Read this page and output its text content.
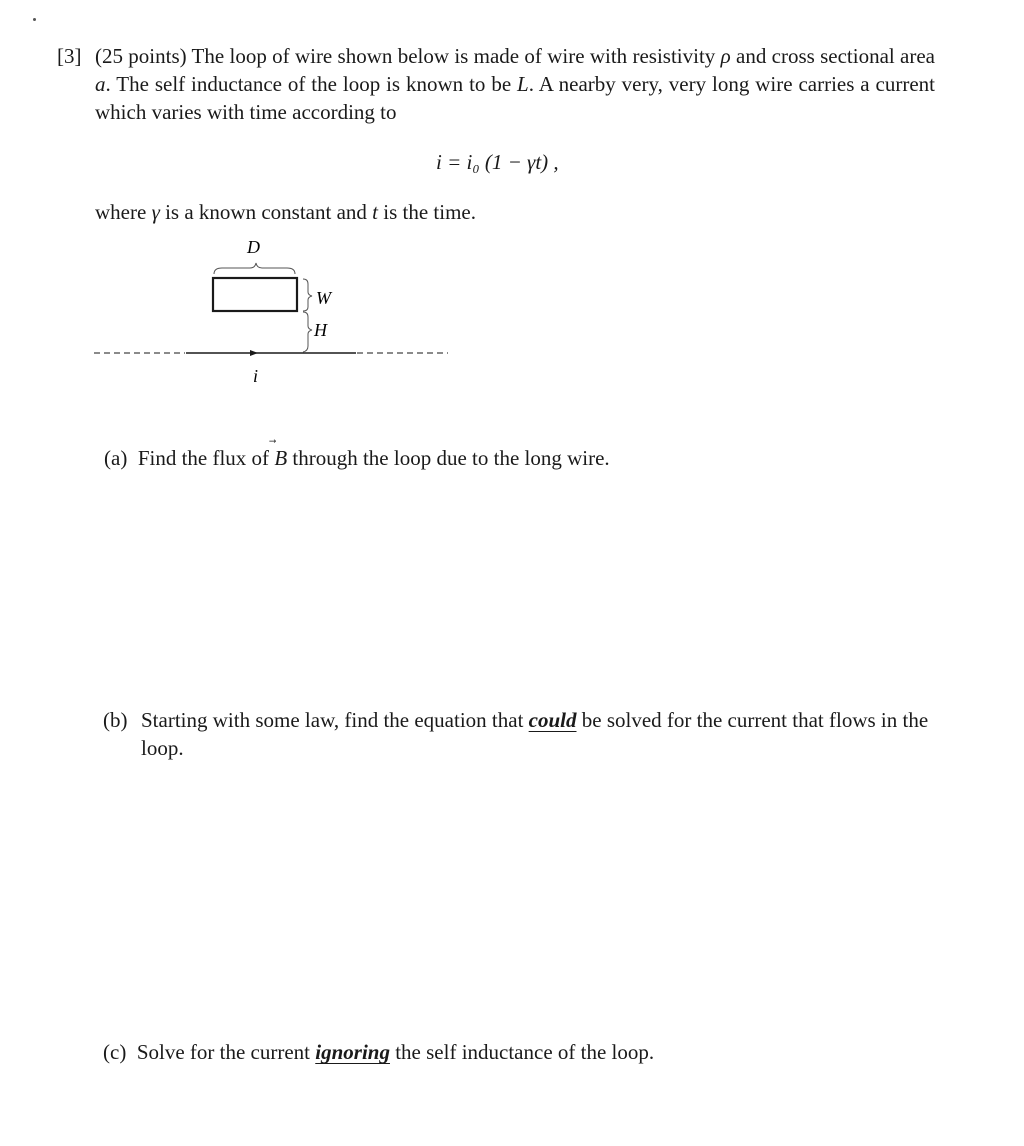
[3] (25 points) The loop of wire shown below is made of wire with resistivity ρ and cross sectional area a. The self inductance of the loop is known to be L. A nearby very, very long wire carries a current which varies with time according to
i = i₀ (1 − γt) ,
where γ is a known constant and t is the time.
D
W
H
i
(a) Find the flux of B
through the loop due to the long wire.
(b) Starting with some law, find the equation that could be solved for the current that flows in the loop.
(c) Solve for the current ignoring the self inductance of the loop.
